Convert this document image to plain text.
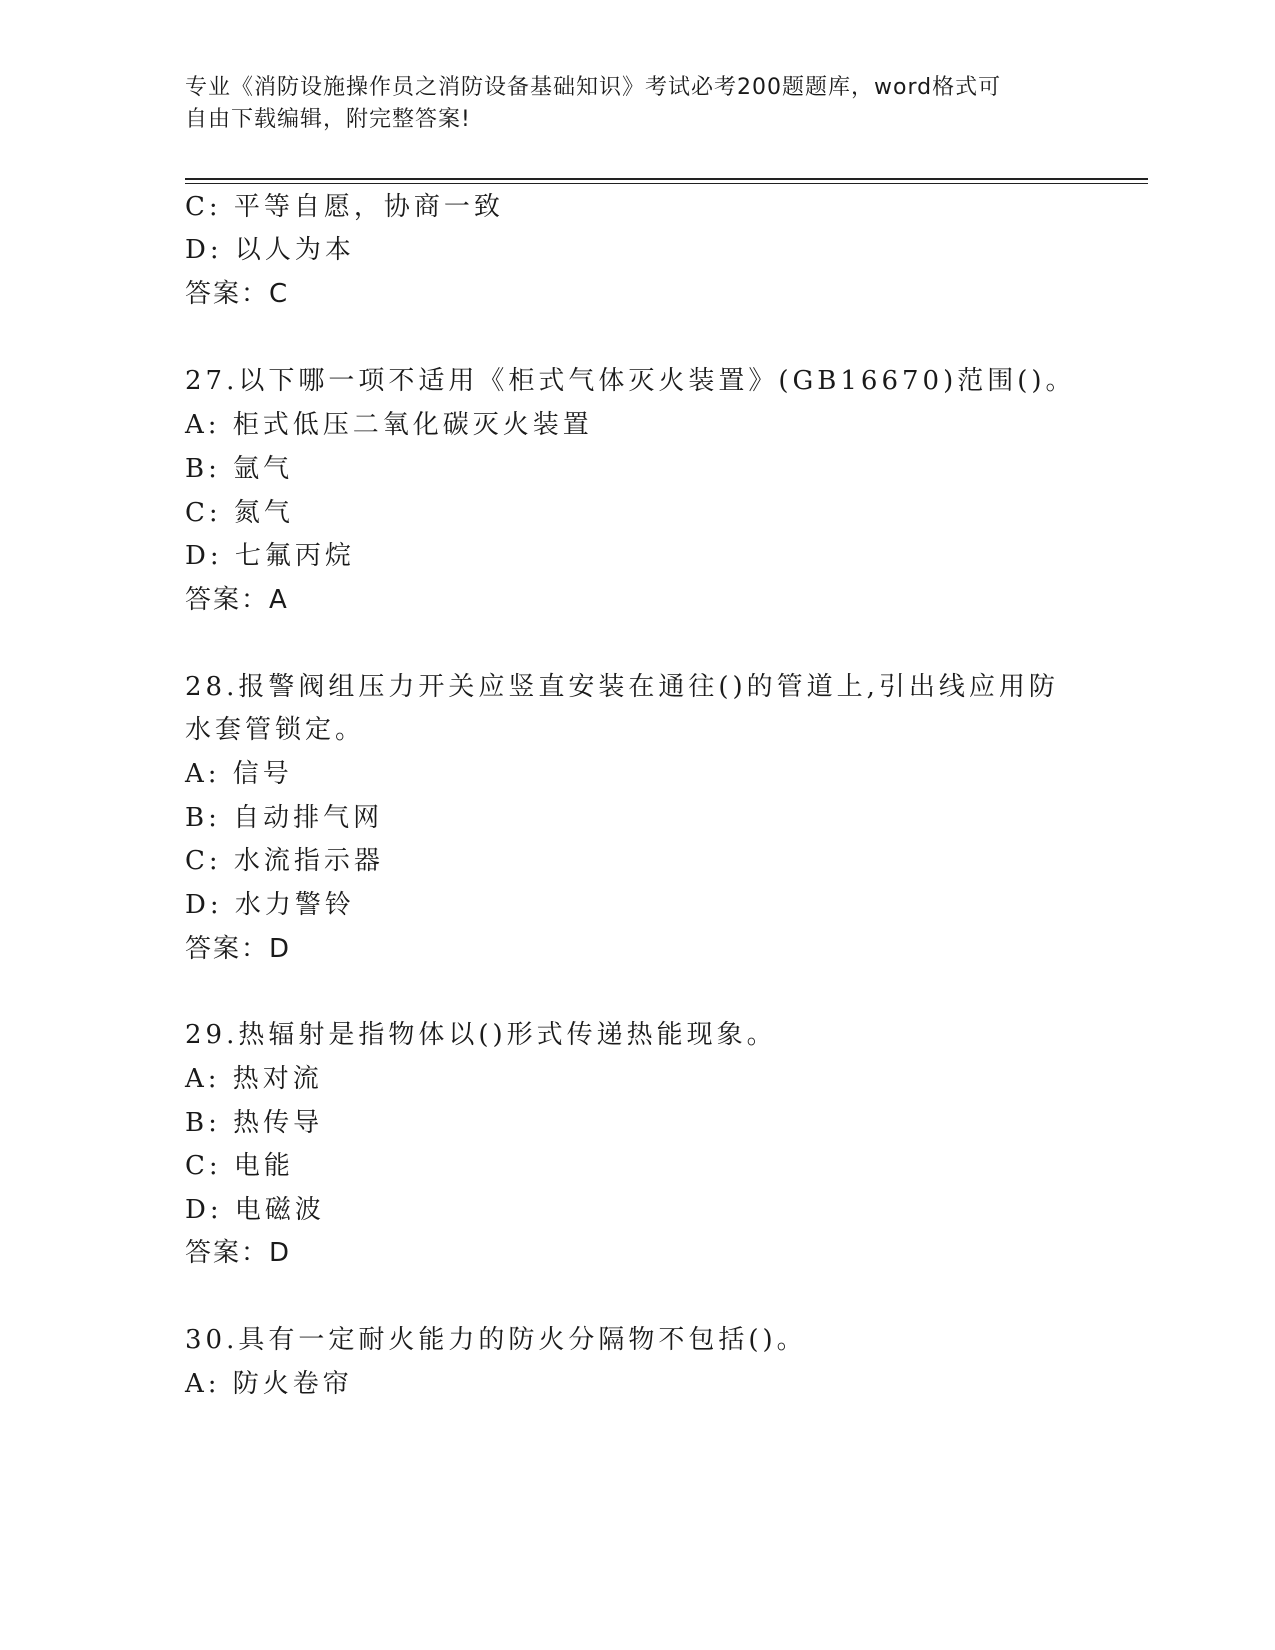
专业《消防设施操作员之消防设备基础知识》考试必考200题题库，word格式可
自由下载编辑，附完整答案!
C: 平等自愿，协商一致
D: 以人为本
答案：C
27.以下哪一项不适用《柜式气体灭火装置》(GB16670)范围()。
A: 柜式低压二氧化碳灭火装置
B: 氩气
C: 氮气
D: 七氟丙烷
答案：A
28.报警阀组压力开关应竖直安装在通往()的管道上,引出线应用防
水套管锁定。
A: 信号
B: 自动排气网
C: 水流指示器
D: 水力警铃
答案：D
29.热辐射是指物体以()形式传递热能现象。
A: 热对流
B: 热传导
C: 电能
D: 电磁波
答案：D
30.具有一定耐火能力的防火分隔物不包括()。
A: 防火卷帘
